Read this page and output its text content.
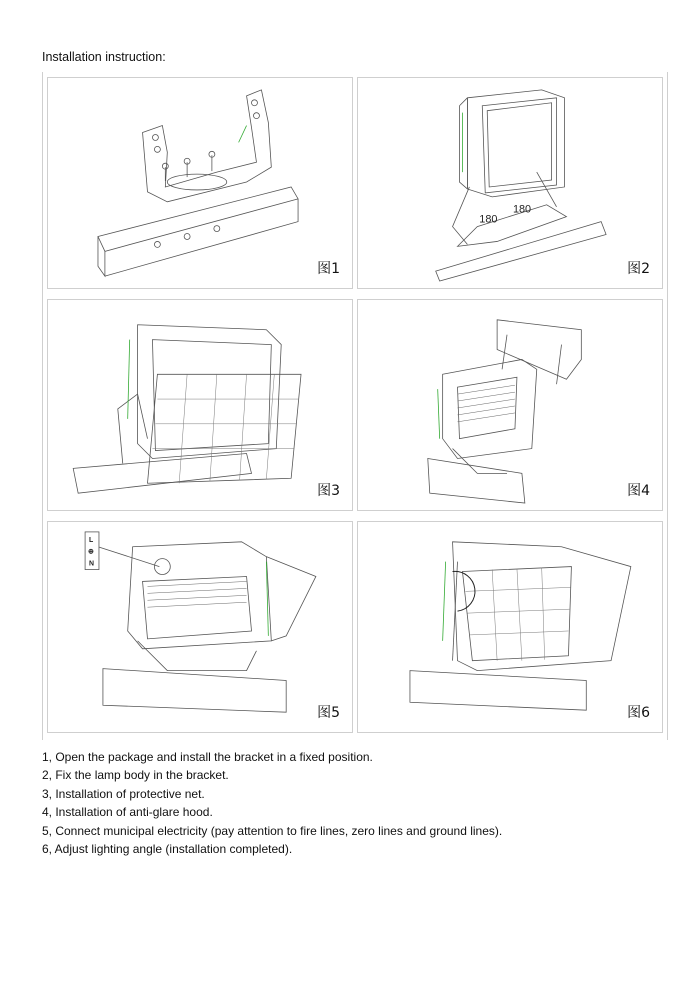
Installation instruction:
图1
180
180
图2
图3	图4
L
⊕
N
图5	图6
1, Open the package and install the bracket in a fixed position.
2, Fix the lamp body in the bracket.
3, Installation of protective net.
4, Installation of anti-glare hood.
5, Connect municipal electricity (pay attention to fire lines, zero lines and ground lines).
6, Adjust lighting angle (installation completed).
